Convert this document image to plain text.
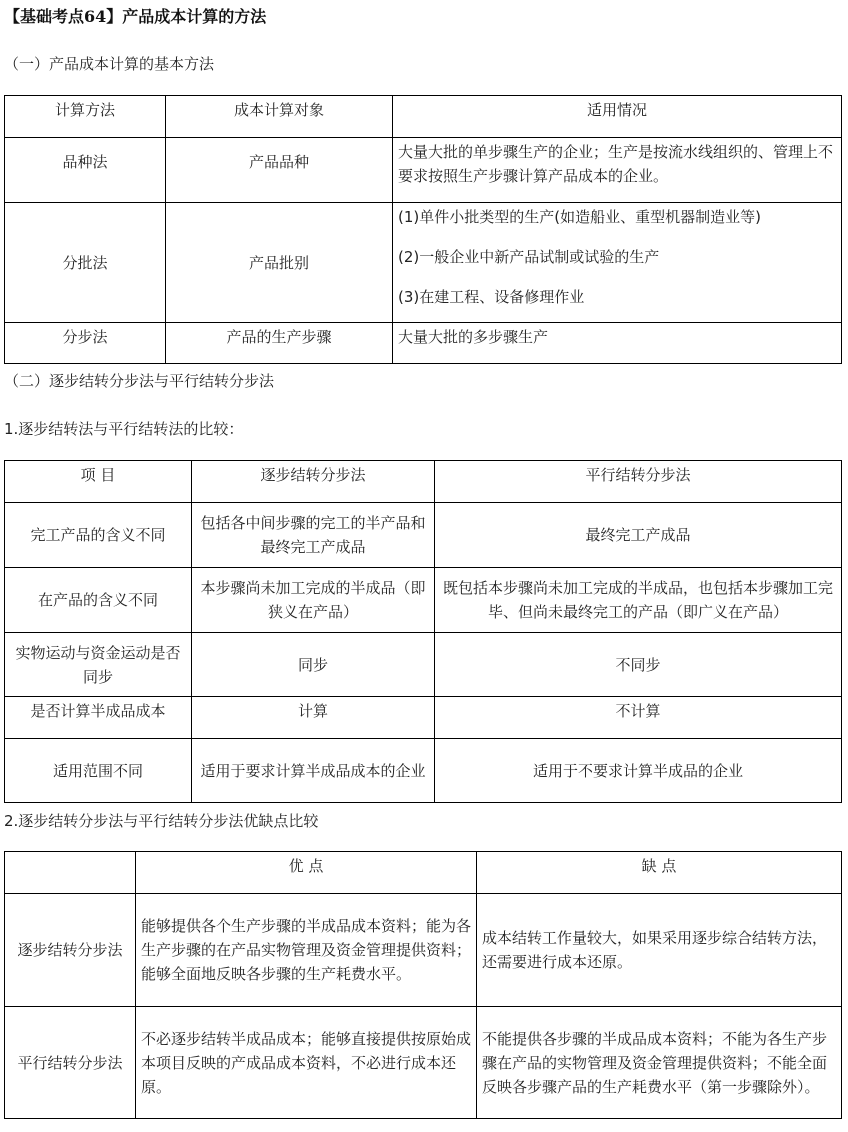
【基础考点64】产品成本计算的方法
（一）产品成本计算的基本方法
计算方法	成本计算对象	适用情况
品种法	产品品种	大量大批的单步骤生产的企业；生产是按流水线组织的、管理上不要求按照生产步骤计算产品成本的企业。

分批法	产品批别	(1)单件小批类型的生产(如造船业、重型机器制造业等)
(2)一般企业中新产品试制或试验的生产
(3)在建工程、设备修理作业

分步法	产品的生产步骤	大量大批的多步骤生产
（二）逐步结转分步法与平行结转分步法
1.逐步结转法与平行结转法的比较：
项 目	逐步结转分步法	平行结转分步法
完工产品的含义不同	包括各中间步骤的完工的半产品和最终完工产成品	最终完工产成品
在产品的含义不同	本步骤尚未加工完成的半成品（即狭义在产品）	既包括本步骤尚未加工完成的半成品，也包括本步骤加工完毕、但尚未最终完工的产品（即广义在产品）
实物运动与资金运动是否同步	同步	不同步
是否计算半成品成本	计算	不计算
适用范围不同	适用于要求计算半成品成本的企业	适用于不要求计算半成品的企业
2.逐步结转分步法与平行结转分步法优缺点比较
	优 点	缺 点
逐步结转分步法	能够提供各个生产步骤的半成品成本资料；能为各生产步骤的在产品实物管理及资金管理提供资料；能够全面地反映各步骤的生产耗费水平。	成本结转工作量较大，如果采用逐步综合结转方法，还需要进行成本还原。
平行结转分步法	不必逐步结转半成品成本；能够直接提供按原始成本项目反映的产成品成本资料，不必进行成本还原。	不能提供各步骤的半成品成本资料；不能为各生产步骤在产品的实物管理及资金管理提供资料；不能全面反映各步骤产品的生产耗费水平（第一步骤除外）。
